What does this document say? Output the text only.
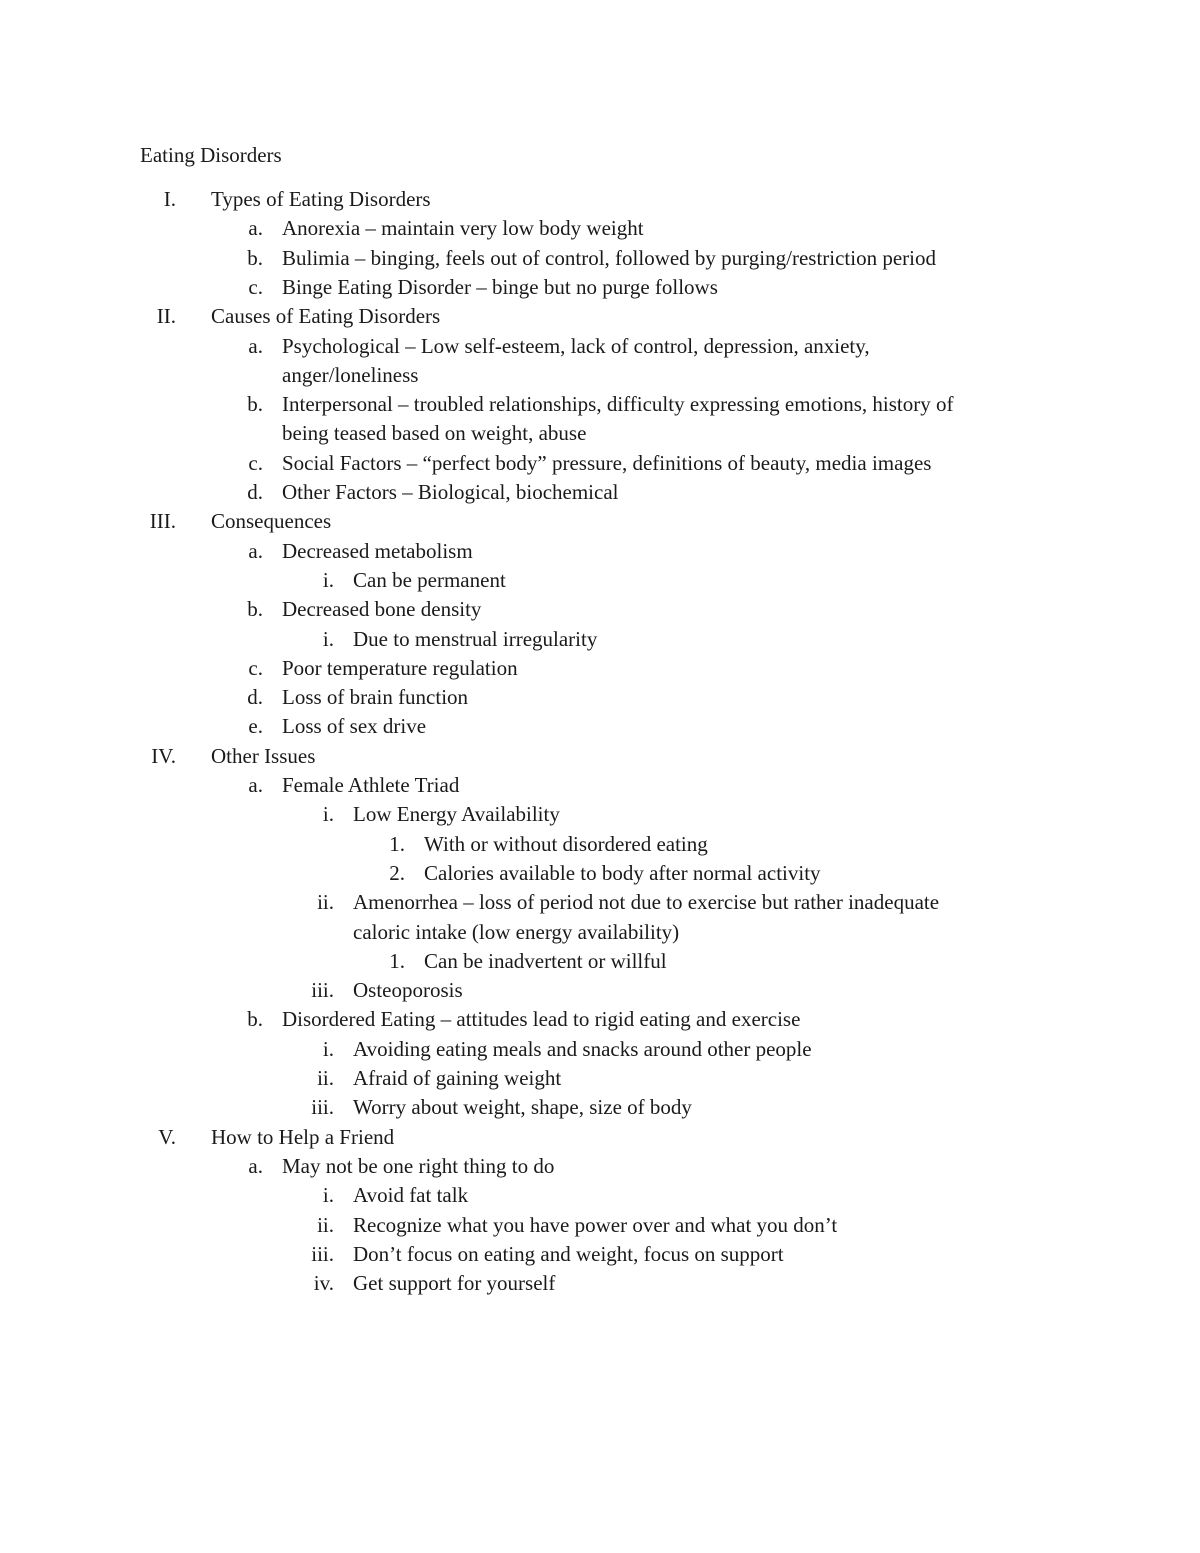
Eating Disorders
I. Types of Eating Disorders
a. Anorexia – maintain very low body weight
b. Bulimia – binging, feels out of control, followed by purging/restriction period
c. Binge Eating Disorder – binge but no purge follows
II. Causes of Eating Disorders
a. Psychological – Low self-esteem, lack of control, depression, anxiety,
anger/loneliness
b. Interpersonal – troubled relationships, difficulty expressing emotions, history of
being teased based on weight, abuse
c. Social Factors – “perfect body” pressure, definitions of beauty, media images
d. Other Factors – Biological, biochemical
III. Consequences
a. Decreased metabolism
i. Can be permanent
b. Decreased bone density
i. Due to menstrual irregularity
c. Poor temperature regulation
d. Loss of brain function
e. Loss of sex drive
IV. Other Issues
a. Female Athlete Triad
i. Low Energy Availability
1. With or without disordered eating
2. Calories available to body after normal activity
ii. Amenorrhea – loss of period not due to exercise but rather inadequate
caloric intake (low energy availability)
1. Can be inadvertent or willful
iii. Osteoporosis
b. Disordered Eating – attitudes lead to rigid eating and exercise
i. Avoiding eating meals and snacks around other people
ii. Afraid of gaining weight
iii. Worry about weight, shape, size of body
V. How to Help a Friend
a. May not be one right thing to do
i. Avoid fat talk
ii. Recognize what you have power over and what you don’t
iii. Don’t focus on eating and weight, focus on support
iv. Get support for yourself
